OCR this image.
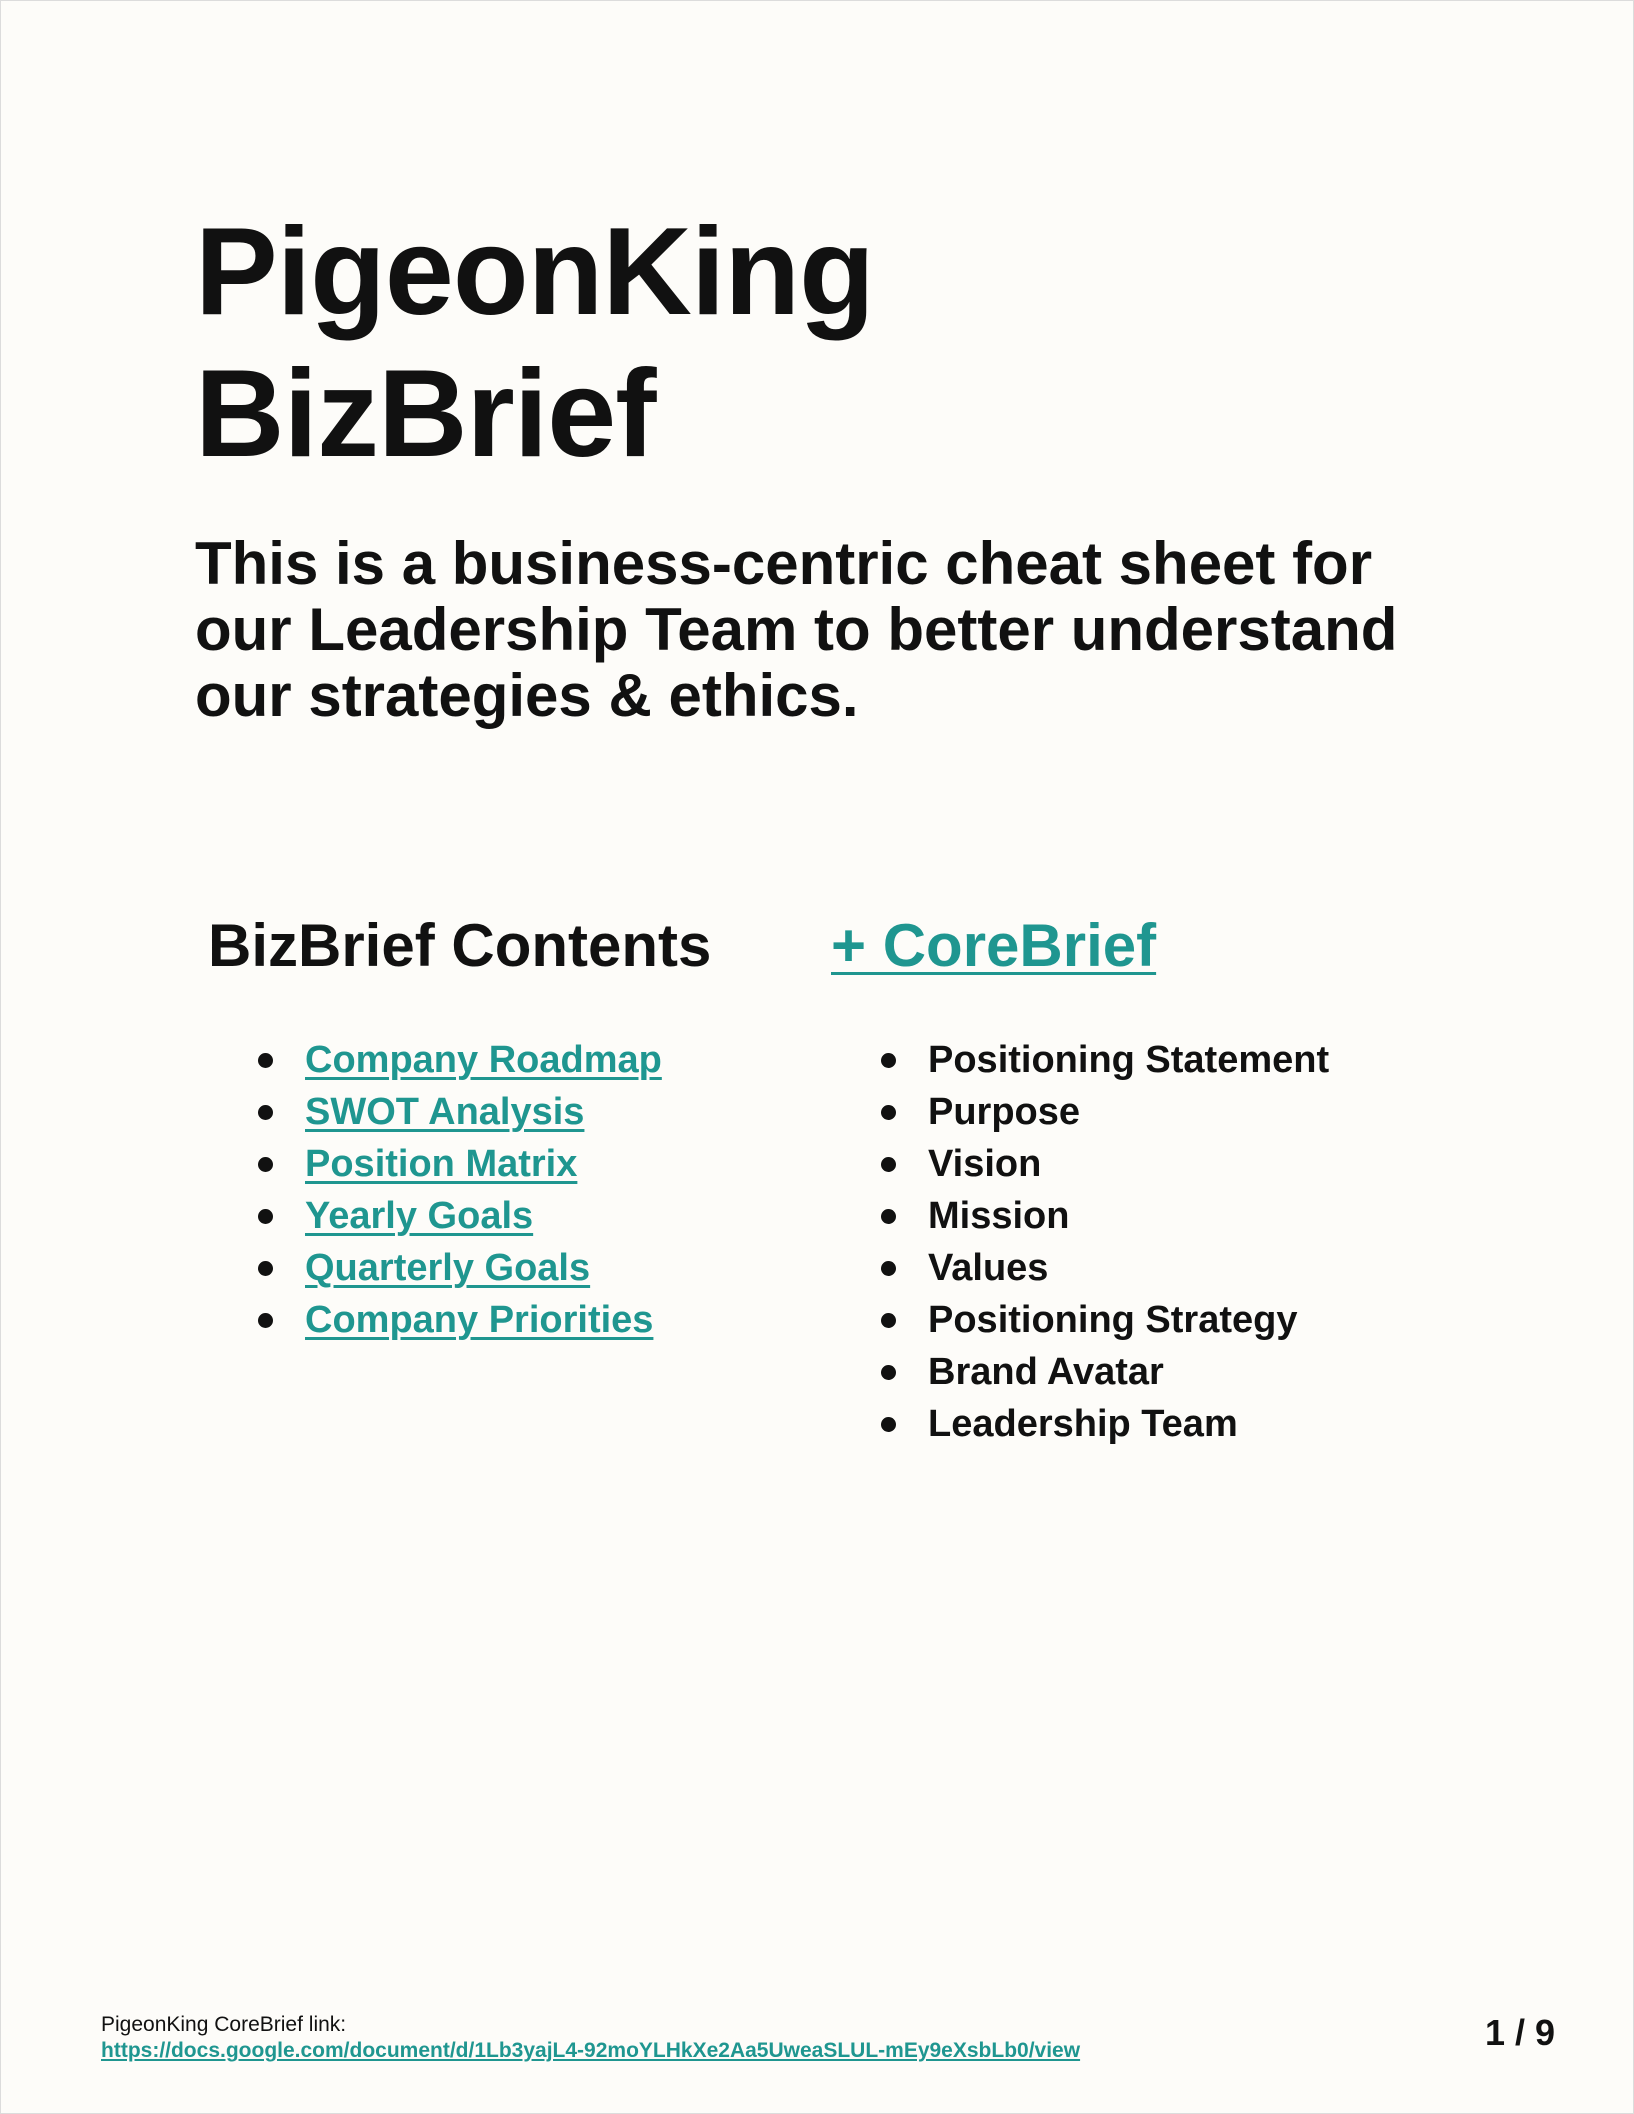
PigeonKing
BizBrief

This is a business-centric cheat sheet for our Leadership Team to better understand our strategies & ethics.

BizBrief Contents + CoreBrief
Company Roadmap
SWOT Analysis
Position Matrix
Yearly Goals
Quarterly Goals
Company Priorities
Positioning Statement
Purpose
Vision
Mission
Values
Positioning Strategy
Brand Avatar
Leadership Team
PigeonKing CoreBrief link:
https://docs.google.com/document/d/1Lb3yajL4-92moYLHkXe2Aa5UweaSLUL-mEy9eXsbLb0/view	1 / 9
